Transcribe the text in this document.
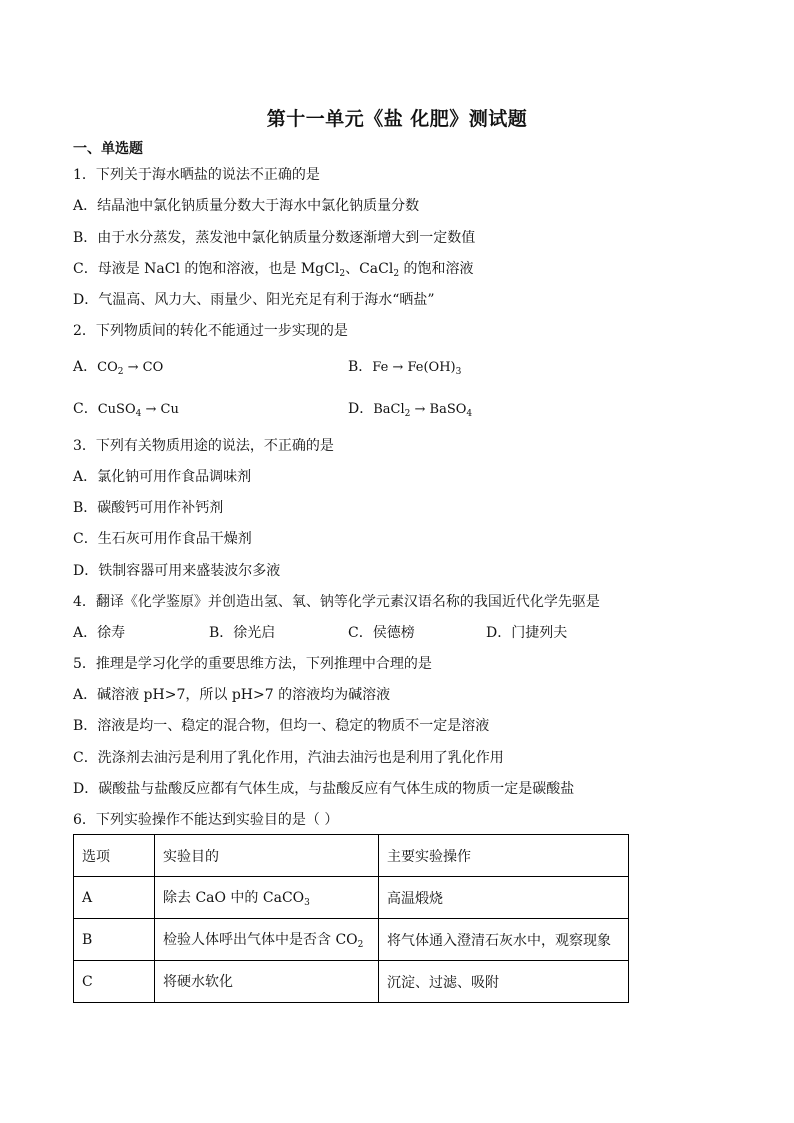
第十一单元《盐 化肥》测试题
一、单选题
1．下列关于海水晒盐的说法不正确的是
A．结晶池中氯化钠质量分数大于海水中氯化钠质量分数
B．由于水分蒸发，蒸发池中氯化钠质量分数逐渐增大到一定数值
C．母液是 NaCl 的饱和溶液，也是 MgCl$_2$、CaCl$_2$ 的饱和溶液
D．气温高、风力大、雨量少、阳光充足有利于海水“晒盐”
2．下列物质间的转化不能通过一步实现的是
A．$CO_2$ → CO	B．$Fe \to Fe(OH)_3$
C．CuSO$_4$ → Cu	D．BaCl$_2$ → BaSO$_4$
3．下列有关物质用途的说法，不正确的是
A．氯化钠可用作食品调味剂
B．碳酸钙可用作补钙剂
C．生石灰可用作食品干燥剂
D．铁制容器可用来盛装波尔多液
4．翻译《化学鉴原》并创造出氢、氧、钠等化学元素汉语名称的我国近代化学先驱是
A．徐寿	B．徐光启	C．侯德榜	D．门捷列夫
5．推理是学习化学的重要思维方法，下列推理中合理的是
A．碱溶液 pH>7，所以 pH>7 的溶液均为碱溶液
B．溶液是均一、稳定的混合物，但均一、稳定的物质不一定是溶液
C．洗涤剂去油污是利用了乳化作用，汽油去油污也是利用了乳化作用
D．碳酸盐与盐酸反应都有气体生成，与盐酸反应有气体生成的物质一定是碳酸盐
6．下列实验操作不能达到实验目的是（ ）
选项	实验目的	主要实验操作
A	除去 CaO 中的 CaCO$_3$	高温煅烧
B	检验人体呼出气体中是否含 $CO_2$	将气体通入澄清石灰水中，观察现象
C	将硬水软化	沉淀、过滤、吸附
